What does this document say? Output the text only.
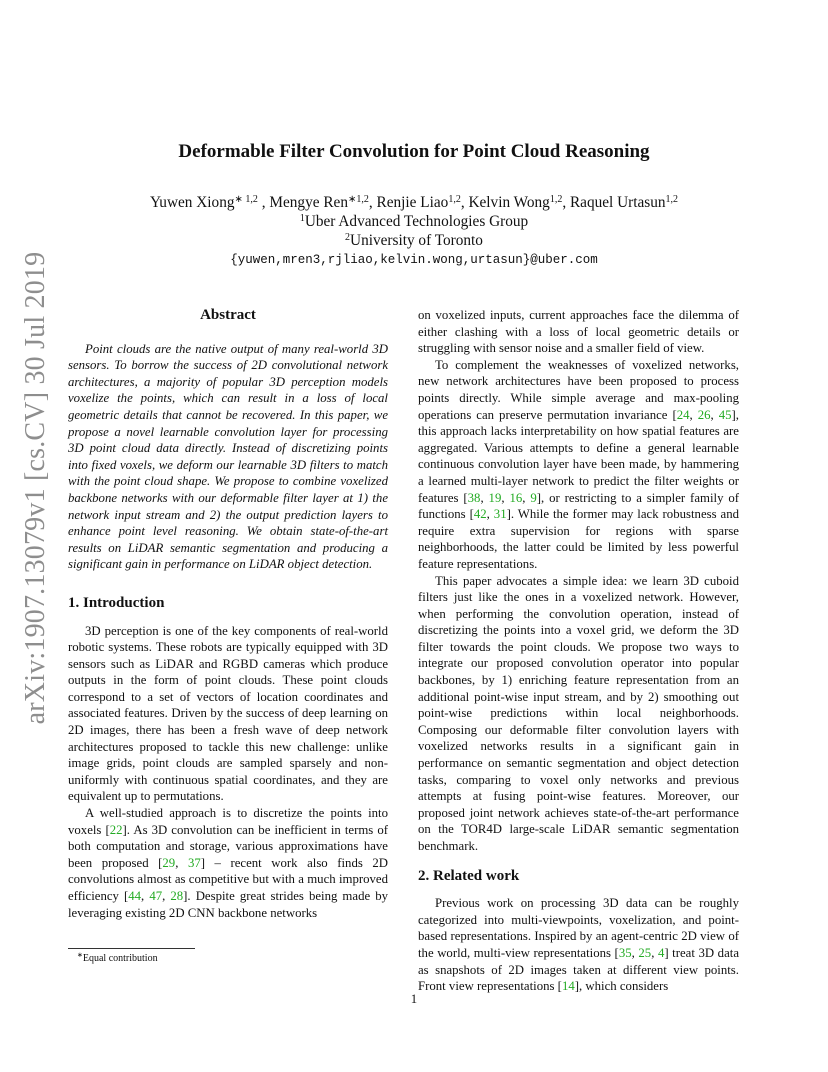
arXiv:1907.13079v1 [cs.CV] 30 Jul 2019
Deformable Filter Convolution for Point Cloud Reasoning
Yuwen Xiong$^{∗ 1,2}$ , Mengye Ren$^{∗1,2}$, Renjie Liao$^{1,2}$, Kelvin Wong$^{1,2}$, Raquel Urtasun$^{1,2}$
$^1$Uber Advanced Technologies Group
$^2$University of Toronto
{yuwen,mren3,rjliao,kelvin.wong,urtasun}@uber.com
Abstract

Point clouds are the native output of many real-world 3D sensors. To borrow the success of 2D convolutional network architectures, a majority of popular 3D perception models voxelize the points, which can result in a loss of local geometric details that cannot be recovered. In this paper, we propose a novel learnable convolution layer for processing 3D point cloud data directly. Instead of discretizing points into fixed voxels, we deform our learnable 3D filters to match with the point cloud shape. We propose to combine voxelized backbone networks with our deformable filter layer at 1) the network input stream and 2) the output prediction layers to enhance point level reasoning. We obtain state-of-the-art results on LiDAR semantic segmentation and producing a significant gain in performance on LiDAR object detection.

1. Introduction

3D perception is one of the key components of real-world robotic systems. These robots are typically equipped with 3D sensors such as LiDAR and RGBD cameras which produce outputs in the form of point clouds. These point clouds correspond to a set of vectors of location coordinates and associated features. Driven by the success of deep learning on 2D images, there has been a fresh wave of deep network architectures proposed to tackle this new challenge: unlike image grids, point clouds are sampled sparsely and non-uniformly with continuous spatial coordinates, and they are equivalent up to permutations.

A well-studied approach is to discretize the points into voxels [22]. As 3D convolution can be inefficient in terms of both computation and storage, various approximations have been proposed [29, 37] – recent work also finds 2D convolutions almost as competitive but with a much improved efficiency [44, 47, 28]. Despite great strides being made by leveraging existing 2D CNN backbone networks

on voxelized inputs, current approaches face the dilemma of either clashing with a loss of local geometric details or struggling with sensor noise and a smaller field of view.

To complement the weaknesses of voxelized networks, new network architectures have been proposed to process points directly. While simple average and max-pooling operations can preserve permutation invariance [24, 26, 45], this approach lacks interpretability on how spatial features are aggregated. Various attempts to define a general learnable continuous convolution layer have been made, by hammering a learned multi-layer network to predict the filter weights or features [38, 19, 16, 9], or restricting to a simpler family of functions [42, 31]. While the former may lack robustness and require extra supervision for regions with sparse neighborhoods, the latter could be limited by less powerful feature representations.

This paper advocates a simple idea: we learn 3D cuboid filters just like the ones in a voxelized network. However, when performing the convolution operation, instead of discretizing the points into a voxel grid, we deform the 3D filter towards the point clouds. We propose two ways to integrate our proposed convolution operator into popular backbones, by 1) enriching feature representation from an additional point-wise input stream, and by 2) smoothing out point-wise predictions within local neighborhoods. Composing our deformable filter convolution layers with voxelized networks results in a significant gain in performance on semantic segmentation and object detection tasks, comparing to voxel only networks and previous attempts at fusing point-wise features. Moreover, our proposed joint network achieves state-of-the-art performance on the TOR4D large-scale LiDAR semantic segmentation benchmark.

2. Related work

Previous work on processing 3D data can be roughly categorized into multi-viewpoints, voxelization, and point-based representations. Inspired by an agent-centric 2D view of the world, multi-view representations [35, 25, 4] treat 3D data as snapshots of 2D images taken at different view points. Front view representations [14], which considers

∗Equal contribution
1
